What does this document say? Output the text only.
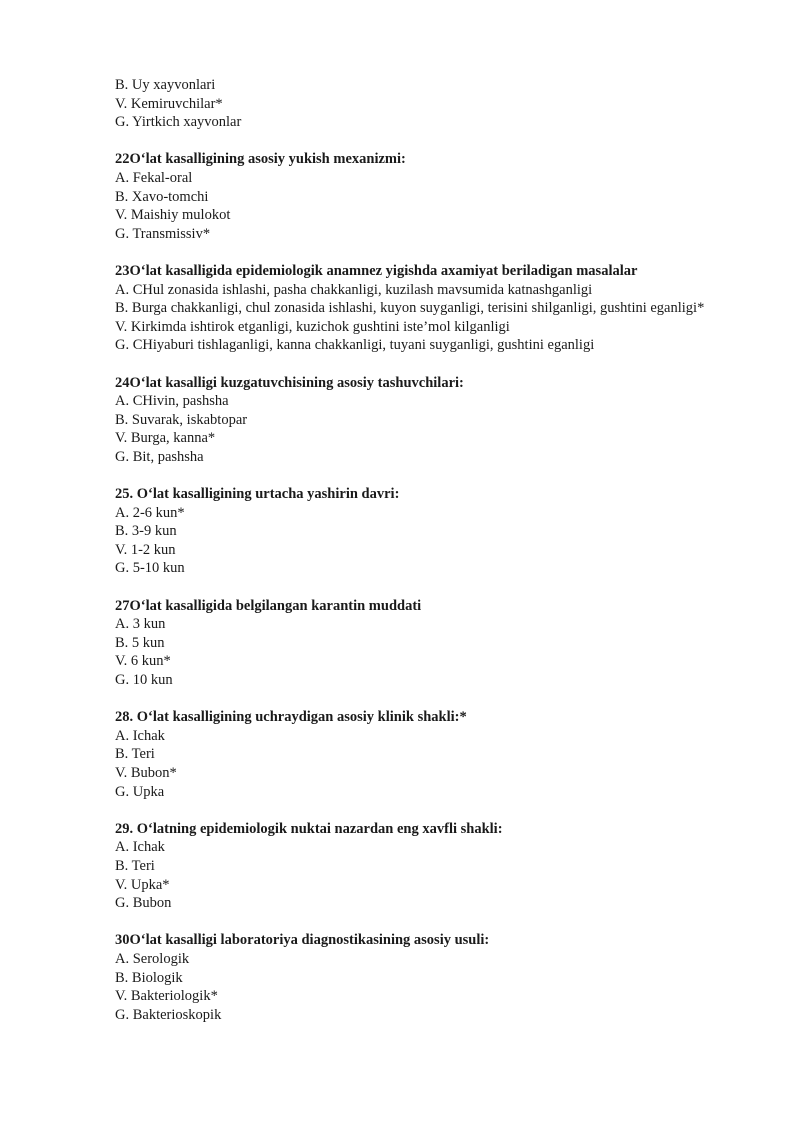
B. Uy xayvonlari
V. Kemiruvchilar*
G. Yirtkich xayvonlar
22O‘lat kasalligining asosiy yukish mexanizmi:
A. Fekal-oral
B. Xavo-tomchi
V. Maishiy mulokot
G. Transmissiv*
23O‘lat kasalligida epidemiologik anamnez yigishda axamiyat beriladigan masalalar
A. CHul zonasida ishlashi, pasha chakkanligi, kuzilash mavsumida katnashganligi
B. Burga chakkanligi, chul zonasida ishlashi, kuyon suyganligi, terisini shilganligi, gushtini eganligi*
V. Kirkimda ishtirok etganligi, kuzichok gushtini iste’mol kilganligi
G. CHiyaburi tishlaganligi, kanna chakkanligi, tuyani suyganligi, gushtini eganligi
24O‘lat kasalligi kuzgatuvchisining asosiy tashuvchilari:
A. CHivin, pashsha
B. Suvarak, iskabtopar
V. Burga, kanna*
G. Bit, pashsha
25. O‘lat kasalligining urtacha yashirin davri:
A. 2-6 kun*
B. 3-9 kun
V. 1-2 kun
G. 5-10 kun
27O‘lat kasalligida belgilangan karantin muddati
A. 3 kun
B. 5 kun
V. 6 kun*
G. 10 kun
28. O‘lat kasalligining uchraydigan asosiy klinik shakli:*
A. Ichak
B. Teri
V. Bubon*
G. Upka
29. O‘latning epidemiologik nuktai nazardan eng xavfli shakli:
A. Ichak
B. Teri
V. Upka*
G. Bubon
30O‘lat kasalligi laboratoriya diagnostikasining asosiy usuli:
A. Serologik
B. Biologik
V. Bakteriologik*
G. Bakterioskopik
